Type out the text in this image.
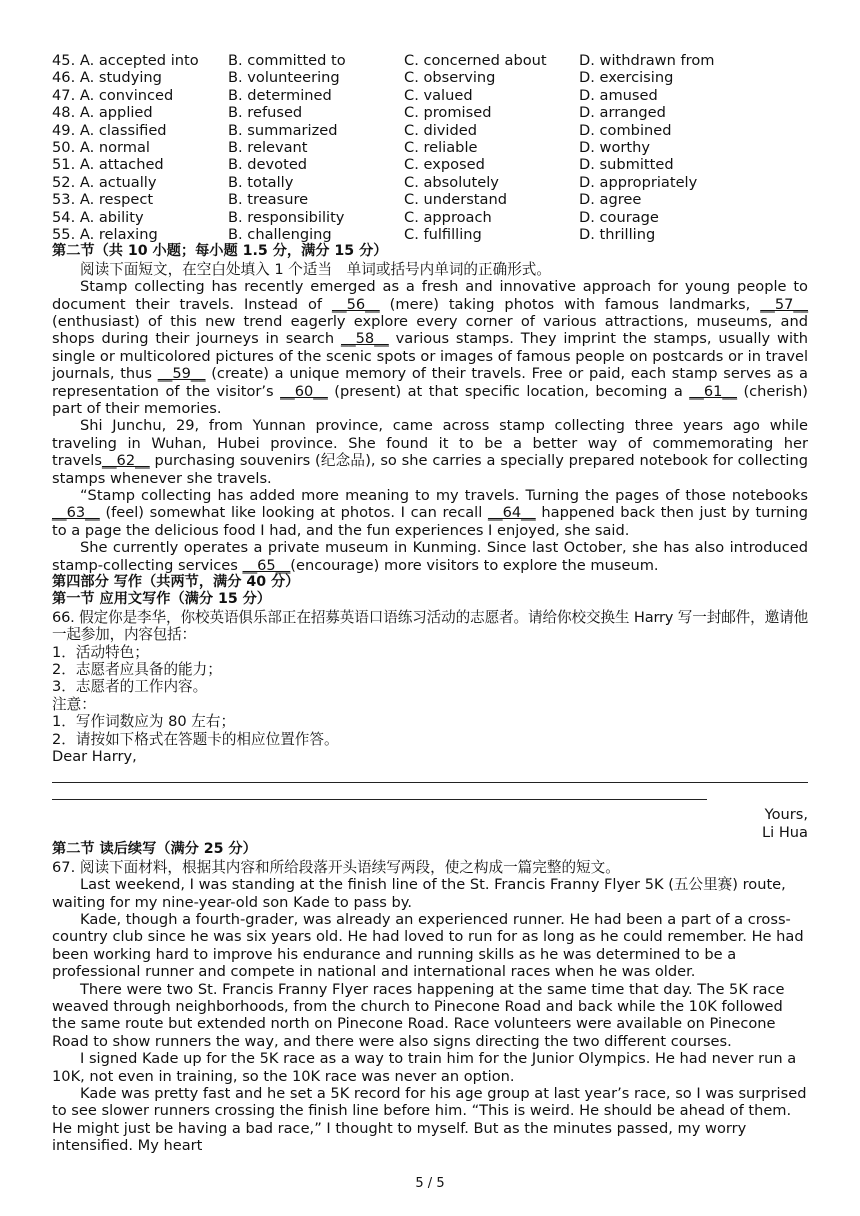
45. A. accepted into	B. committed to	C. concerned about	D. withdrawn from
46. A. studying	B. volunteering	C. observing	D. exercising
47. A. convinced	B. determined	C. valued	D. amused
48. A. applied	B. refused	C. promised	D. arranged
49. A. classified	B. summarized	C. divided	D. combined
50. A. normal	B. relevant	C. reliable	D. worthy
51. A. attached	B. devoted	C. exposed	D. submitted
52. A. actually	B. totally	C. absolutely	D. appropriately
53. A. respect	B. treasure	C. understand	D. agree
54. A. ability	B. responsibility	C. approach	D. courage
55. A. relaxing	B. challenging	C. fulfilling	D. thrilling
第二节（共 10 小题；每小题 1.5 分，满分 15 分）
阅读下面短文，在空白处填入 1 个适当　单词或括号内单词的正确形式。

Stamp collecting has recently emerged as a fresh and innovative approach for young people to document their travels. Instead of __56__ (mere) taking photos with famous landmarks, __57__ (enthusiast) of this new trend eagerly explore every corner of various attractions, museums, and shops during their journeys in search __58__ various stamps. They imprint the stamps, usually with single or multicolored pictures of the scenic spots or images of famous people on postcards or in travel journals, thus __59__ (create) a unique memory of their travels. Free or paid, each stamp serves as a representation of the visitor’s __60__ (present) at that specific location, becoming a __61__ (cherish) part of their memories.

Shi Junchu, 29, from Yunnan province, came across stamp collecting three years ago while traveling in Wuhan, Hubei province. She found it to be a better way of commemorating her travels__62__ purchasing souvenirs (纪念品), so she carries a specially prepared notebook for collecting stamps whenever she travels.

“Stamp collecting has added more meaning to my travels. Turning the pages of those notebooks __63__ (feel) somewhat like looking at photos. I can recall __64__ happened back then just by turning to a page the delicious food I had, and the fun experiences I enjoyed, she said.

She currently operates a private museum in Kunming. Since last October, she has also introduced stamp-collecting services __65__(encourage) more visitors to explore the museum.

第四部分 写作（共两节，满分 40 分）
第一节 应用文写作（满分 15 分）

66. 假定你是李华，你校英语俱乐部正在招募英语口语练习活动的志愿者。请给你校交换生 Harry 写一封邮件，邀请他一起参加，内容包括：

1．活动特色；
2．志愿者应具备的能力；
3．志愿者的工作内容。
注意：
1．写作词数应为 80 左右；
2．请按如下格式在答题卡的相应位置作答。
Dear Harry,
Yours,
Li Hua
第二节 读后续写（满分 25 分）
67. 阅读下面材料，根据其内容和所给段落开头语续写两段，使之构成一篇完整的短文。

Last weekend, I was standing at the finish line of the St. Francis Franny Flyer 5K (五公里赛) route, waiting for my nine-year-old son Kade to pass by.

Kade, though a fourth-grader, was already an experienced runner. He had been a part of a cross-country club since he was six years old. He had loved to run for as long as he could remember. He had been working hard to improve his endurance and running skills as he was determined to be a professional runner and compete in national and international races when he was older.

There were two St. Francis Franny Flyer races happening at the same time that day. The 5K race weaved through neighborhoods, from the church to Pinecone Road and back while the 10K followed the same route but extended north on Pinecone Road. Race volunteers were available on Pinecone Road to show runners the way, and there were also signs directing the two different courses.

I signed Kade up for the 5K race as a way to train him for the Junior Olympics. He had never run a 10K, not even in training, so the 10K race was never an option.

Kade was pretty fast and he set a 5K record for his age group at last year’s race, so I was surprised to see slower runners crossing the finish line before him. “This is weird. He should be ahead of them. He might just be having a bad race,” I thought to myself. But as the minutes passed, my worry intensified. My heart

5 / 5
